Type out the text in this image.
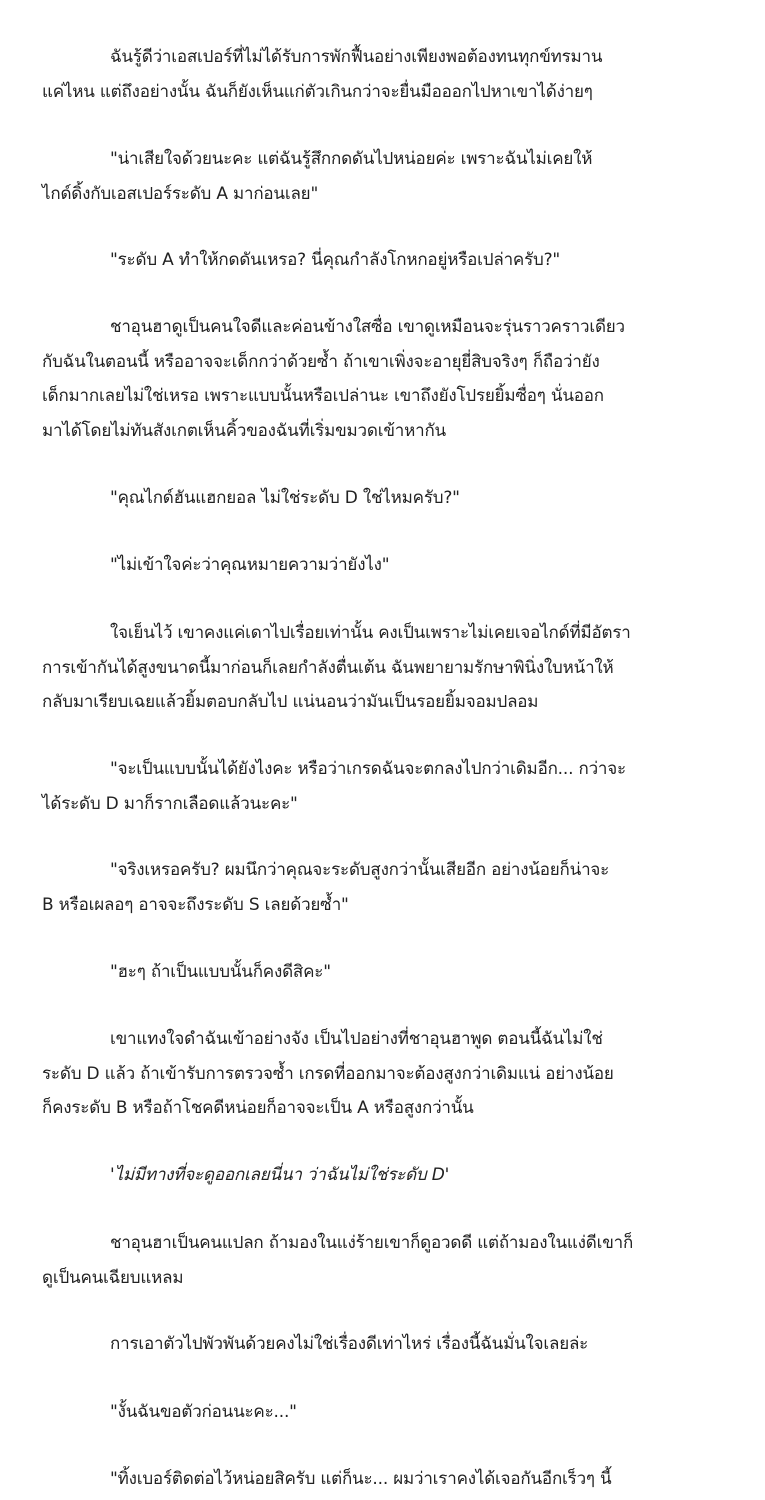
ฉันรู้ดีว่าเอสเปอร์ที่ไม่ได้รับการพักฟื้นอย่างเพียงพอต้องทนทุกข์ทรมาน
แค่ไหน แต่ถึงอย่างนั้น ฉันก็ยังเห็นแก่ตัวเกินกว่าจะยื่นมือออกไปหาเขาได้ง่ายๆ

"น่าเสียใจด้วยนะคะ แต่ฉันรู้สึกกดดันไปหน่อยค่ะ เพราะฉันไม่เคยให้
ไกด์ดิ้งกับเอสเปอร์ระดับ A มาก่อนเลย"

"ระดับ A ทำให้กดดันเหรอ? นี่คุณกำลังโกหกอยู่หรือเปล่าครับ?"

ชาอุนฮาดูเป็นคนใจดีและค่อนข้างใสซื่อ เขาดูเหมือนจะรุ่นราวคราวเดียว
กับฉันในตอนนี้ หรืออาจจะเด็กกว่าด้วยซ้ำ ถ้าเขาเพิ่งจะอายุยี่สิบจริงๆ ก็ถือว่ายัง
เด็กมากเลยไม่ใช่เหรอ เพราะแบบนั้นหรือเปล่านะ เขาถึงยังโปรยยิ้มซื่อๆ นั่นออก
มาได้โดยไม่ทันสังเกตเห็นคิ้วของฉันที่เริ่มขมวดเข้าหากัน

"คุณไกด์ฮันแฮกยอล ไม่ใช่ระดับ D ใช่ไหมครับ?"

"ไม่เข้าใจค่ะว่าคุณหมายความว่ายังไง"

ใจเย็นไว้ เขาคงแค่เดาไปเรื่อยเท่านั้น คงเป็นเพราะไม่เคยเจอไกด์ที่มีอัตรา
การเข้ากันได้สูงขนาดนี้มาก่อนก็เลยกำลังตื่นเต้น ฉันพยายามรักษาพินิ่งใบหน้าให้
กลับมาเรียบเฉยแล้วยิ้มตอบกลับไป แน่นอนว่ามันเป็นรอยยิ้มจอมปลอม

"จะเป็นแบบนั้นได้ยังไงคะ หรือว่าเกรดฉันจะตกลงไปกว่าเดิมอีก... กว่าจะ
ได้ระดับ D มาก็รากเลือดแล้วนะคะ"

"จริงเหรอครับ? ผมนึกว่าคุณจะระดับสูงกว่านั้นเสียอีก อย่างน้อยก็น่าจะ
B หรือเผลอๆ อาจจะถึงระดับ S เลยด้วยซ้ำ"

"ฮะๆ ถ้าเป็นแบบนั้นก็คงดีสิคะ"

เขาแทงใจดำฉันเข้าอย่างจัง เป็นไปอย่างที่ชาอุนฮาพูด ตอนนี้ฉันไม่ใช่
ระดับ D แล้ว ถ้าเข้ารับการตรวจซ้ำ เกรดที่ออกมาจะต้องสูงกว่าเดิมแน่ อย่างน้อย
ก็คงระดับ B หรือถ้าโชคดีหน่อยก็อาจจะเป็น A หรือสูงกว่านั้น

'ไม่มีทางที่จะดูออกเลยนี่นา ว่าฉันไม่ใช่ระดับ D'

ชาอุนฮาเป็นคนแปลก ถ้ามองในแง่ร้ายเขาก็ดูอวดดี แต่ถ้ามองในแง่ดีเขาก็
ดูเป็นคนเฉียบแหลม

การเอาตัวไปพัวพันด้วยคงไม่ใช่เรื่องดีเท่าไหร่ เรื่องนี้ฉันมั่นใจเลยล่ะ

"งั้นฉันขอตัวก่อนนะคะ..."

"ทิ้งเบอร์ติดต่อไว้หน่อยสิครับ แต่ก็นะ... ผมว่าเราคงได้เจอกันอีกเร็วๆ นี้
